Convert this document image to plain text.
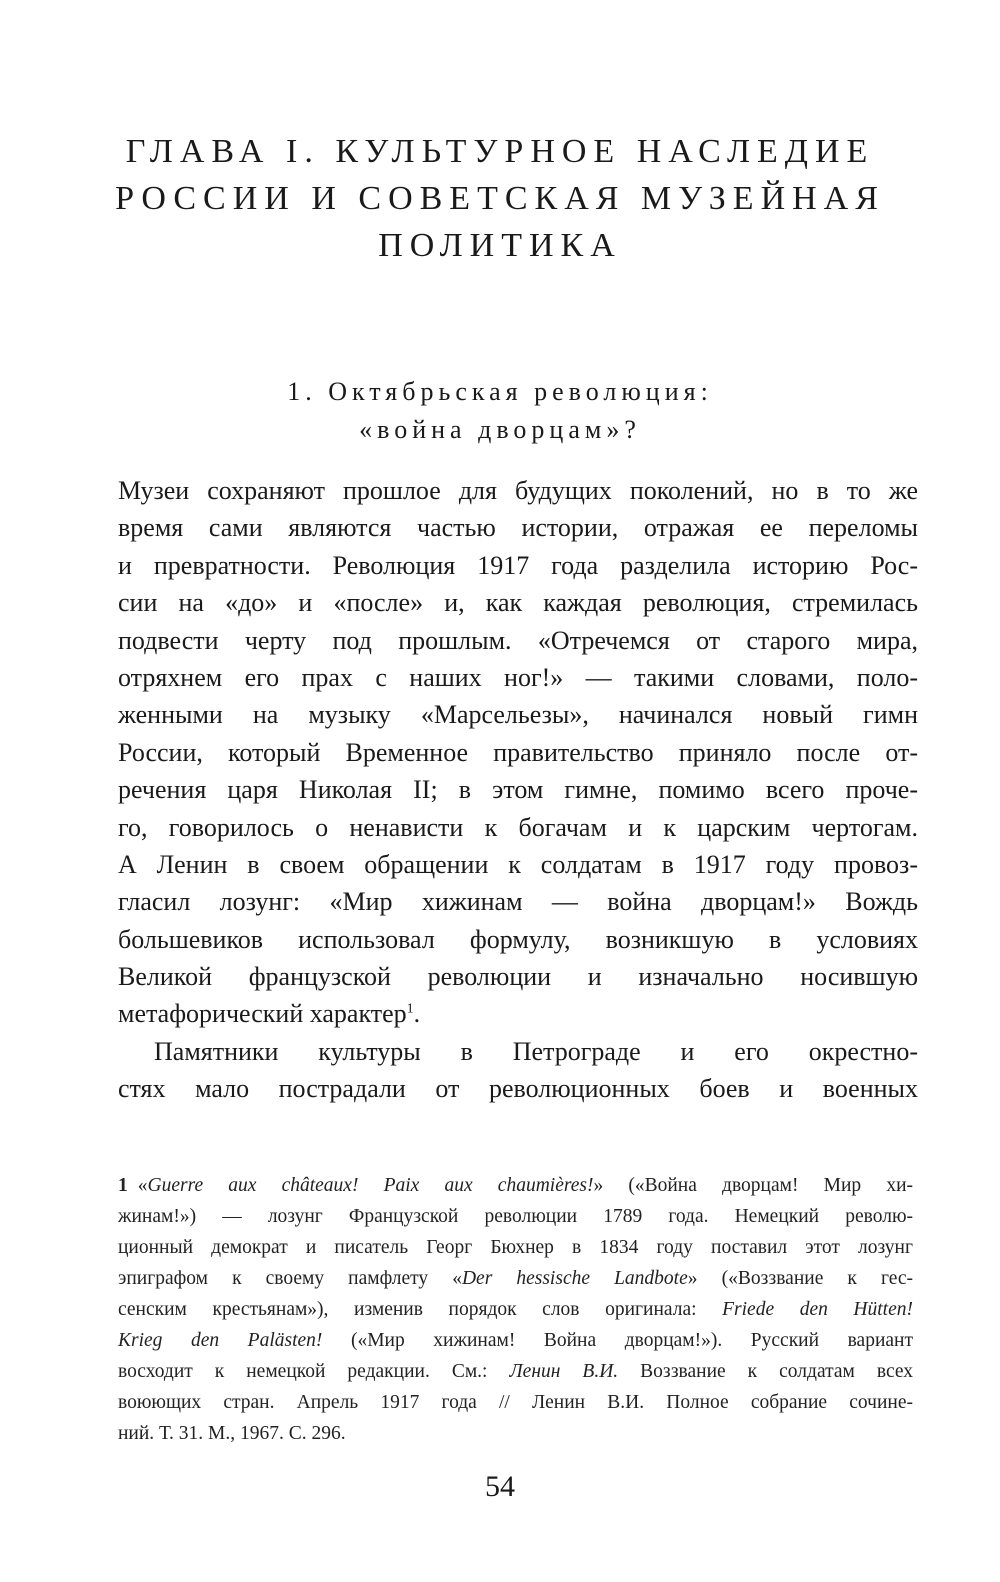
ГЛАВА I. КУЛЬТУРНОЕ НАСЛЕДИЕ
РОССИИ И СОВЕТСКАЯ МУЗЕЙНАЯ
ПОЛИТИКА
1. Октябрьская революция:
«война дворцам»?
Музеи сохраняют прошлое для будущих поколений, но в то же
время сами являются частью истории, отражая ее переломы
и превратности. Революция 1917 года разделила историю Рос-
сии на «до» и «после» и, как каждая революция, стремилась
подвести черту под прошлым. «Отречемся от старого мира,
отряхнем его прах с наших ног!» — такими словами, поло-
женными на музыку «Марсельезы», начинался новый гимн
России, который Временное правительство приняло после от-
речения царя Николая II; в этом гимне, помимо всего проче-
го, говорилось о ненависти к богачам и к царским чертогам.
А Ленин в своем обращении к солдатам в 1917 году провоз-
гласил лозунг: «Мир хижинам — война дворцам!» Вождь
большевиков использовал формулу, возникшую в условиях
Великой французской революции и изначально носившую
метафорический характер$^1$.
Памятники культуры в Петрограде и его окрестно-
стях мало пострадали от революционных боев и военных
1 «Guerre aux châteaux! Paix aux chaumières!» («Война дворцам! Мир хи-
жинам!») — лозунг Французской революции 1789 года. Немецкий револю-
ционный демократ и писатель Георг Бюхнер в 1834 году поставил этот лозунг
эпиграфом к своему памфлету «Der hessische Landbote» («Воззвание к гес-
сенским крестьянам»), изменив порядок слов оригинала: Friede den Hütten!
Krieg den Palästen! («Мир хижинам! Война дворцам!»). Русский вариант
восходит к немецкой редакции. См.: Ленин В.И. Воззвание к солдатам всех
воюющих стран. Апрель 1917 года // Ленин В.И. Полное собрание сочине-
ний. Т. 31. М., 1967. С. 296.
54
